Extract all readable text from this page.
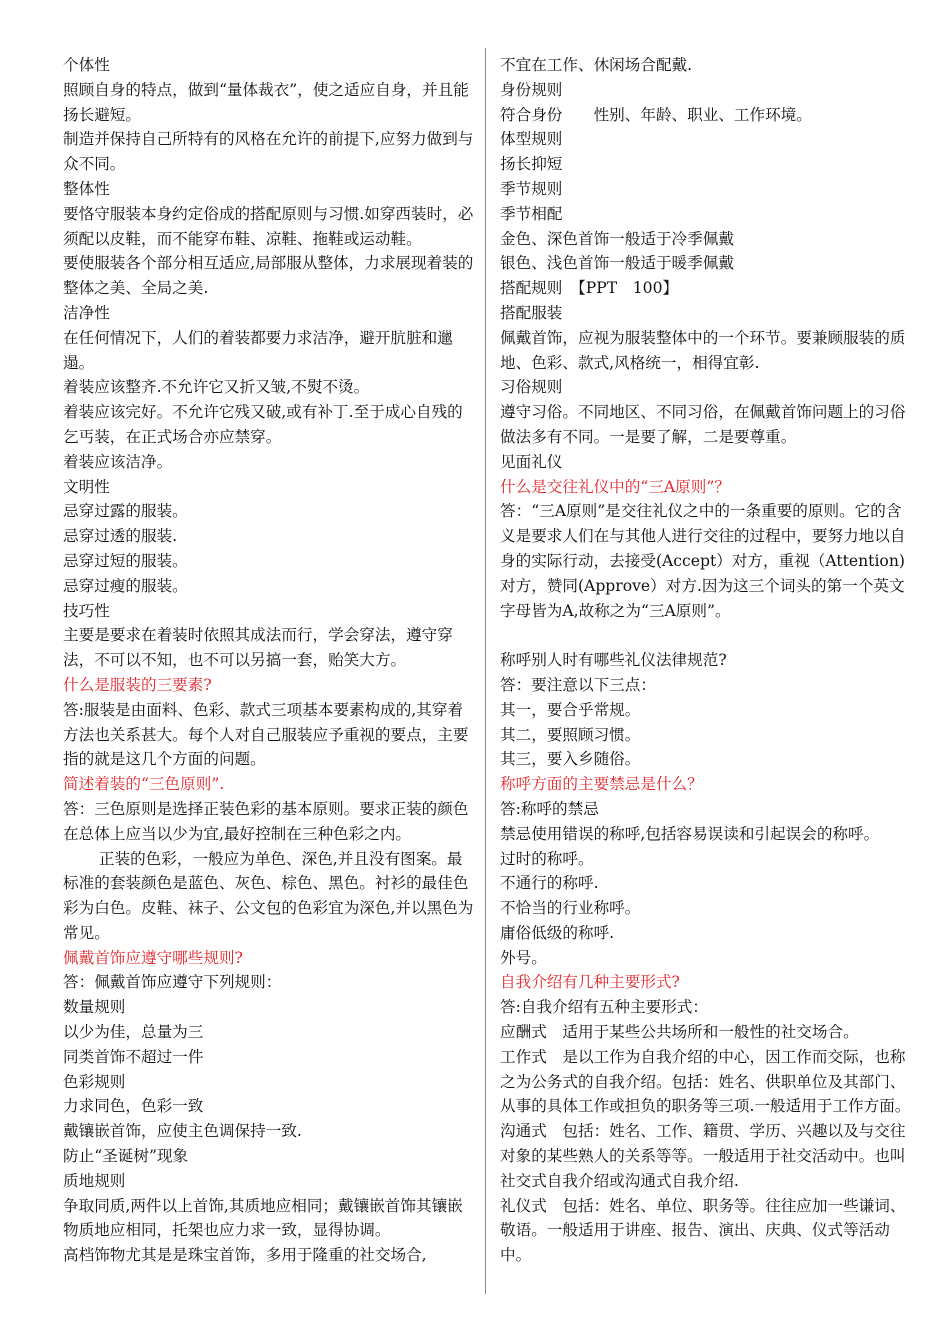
个体性
照顾自身的特点，做到“量体裁衣”，使之适应自身，并且能扬长避短。
制造并保持自己所特有的风格在允许的前提下,应努力做到与众不同。
整体性
要恪守服装本身约定俗成的搭配原则与习惯.如穿西装时，必须配以皮鞋，而不能穿布鞋、凉鞋、拖鞋或运动鞋。
要使服装各个部分相互适应,局部服从整体，力求展现着装的整体之美、全局之美.
洁净性
在任何情况下，人们的着装都要力求洁净，避开肮脏和邋遢。
着装应该整齐.不允许它又折又皱,不熨不烫。
着装应该完好。不允许它残又破,或有补丁.至于成心自残的乞丐装，在正式场合亦应禁穿。
着装应该洁净。
文明性
忌穿过露的服装。
忌穿过透的服装.
忌穿过短的服装。
忌穿过瘦的服装。
技巧性
主要是要求在着装时依照其成法而行，学会穿法，遵守穿法，不可以不知，也不可以另搞一套，贻笑大方。
什么是服装的三要素?
答:服装是由面料、色彩、款式三项基本要素构成的,其穿着方法也关系甚大。每个人对自己服装应予重视的要点，主要指的就是这几个方面的问题。
简述着装的“三色原则”.
答：三色原则是选择正装色彩的基本原则。要求正装的颜色在总体上应当以少为宜,最好控制在三种色彩之内。
正装的色彩，一般应为单色、深色,并且没有图案。最标准的套装颜色是蓝色、灰色、棕色、黑色。衬衫的最佳色彩为白色。皮鞋、袜子、公文包的色彩宜为深色,并以黑色为常见。
佩戴首饰应遵守哪些规则?
答：佩戴首饰应遵守下列规则：
数量规则
以少为佳，总量为三
同类首饰不超过一件
色彩规则
力求同色，色彩一致
戴镶嵌首饰，应使主色调保持一致.
防止“圣诞树”现象
质地规则
争取同质,两件以上首饰,其质地应相同；戴镶嵌首饰其镶嵌物质地应相同，托架也应力求一致，显得协调。
高档饰物尤其是是珠宝首饰，多用于隆重的社交场合,
不宜在工作、休闲场合配戴.
身份规则
符合身份　　性别、年龄、职业、工作环境。
体型规则
扬长抑短
季节规则
季节相配
金色、深色首饰一般适于冷季佩戴
银色、浅色首饰一般适于暖季佩戴
搭配规则　【PPT　100】
搭配服装
佩戴首饰，应视为服装整体中的一个环节。要兼顾服装的质地、色彩、款式,风格统一，相得宜彰.
习俗规则
遵守习俗。不同地区、不同习俗，在佩戴首饰问题上的习俗做法多有不同。一是要了解，二是要尊重。
见面礼仪
什么是交往礼仪中的“三A原则”？
答：“三A原则”是交往礼仪之中的一条重要的原则。它的含义是要求人们在与其他人进行交往的过程中，要努力地以自身的实际行动，去接受(Accept）对方，重视（Attention)对方，赞同(Approve）对方.因为这三个词头的第一个英文字母皆为A,故称之为“三A原则”。
称呼别人时有哪些礼仪法律规范?
答：要注意以下三点：
其一，要合乎常规。
其二，要照顾习惯。
其三，要入乡随俗。
称呼方面的主要禁忌是什么？
答:称呼的禁忌
禁忌使用错误的称呼,包括容易误读和引起误会的称呼。
过时的称呼。
不通行的称呼.
不恰当的行业称呼。
庸俗低级的称呼.
外号。
自我介绍有几种主要形式?
答:自我介绍有五种主要形式：
应酬式　适用于某些公共场所和一般性的社交场合。
工作式　是以工作为自我介绍的中心，因工作而交际，也称之为公务式的自我介绍。包括：姓名、供职单位及其部门、从事的具体工作或担负的职务等三项.一般适用于工作方面。
沟通式　包括：姓名、工作、籍贯、学历、兴趣以及与交往对象的某些熟人的关系等等。一般适用于社交活动中。也叫社交式自我介绍或沟通式自我介绍.
礼仪式　包括：姓名、单位、职务等。往往应加一些谦词、敬语。一般适用于讲座、报告、演出、庆典、仪式等活动中。
